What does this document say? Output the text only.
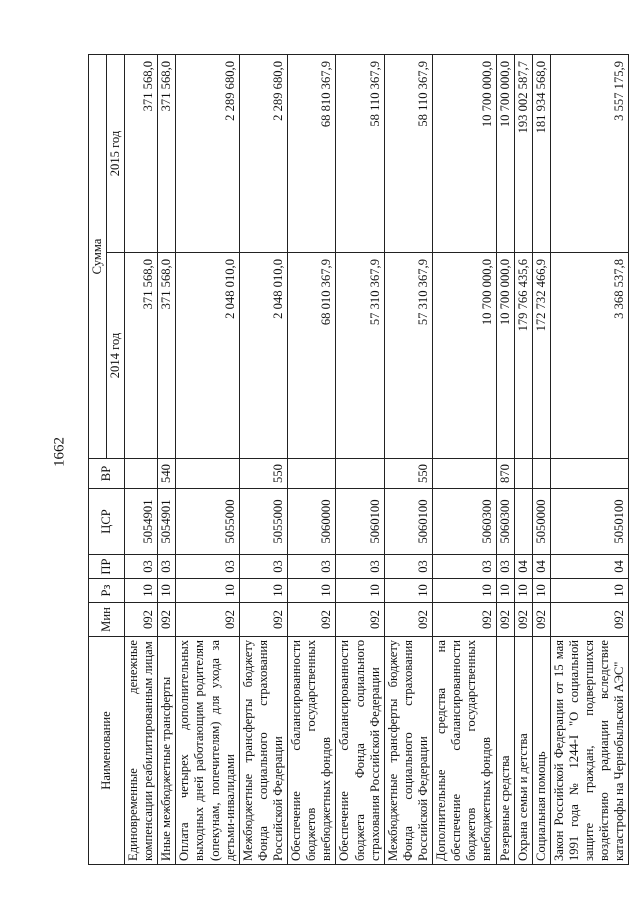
1662
Наименование	Мин	Рз	ПР	ЦСР	ВР	Сумма	
						2014 год	2015 год
Единовременные денежные компенсации реабилитированным лицам	092	10	03	5054901		371 568,0	371 568,0
Иные межбюджетные трансферты	092	10	03	5054901	540	371 568,0	371 568,0
Оплата четырех дополнительных выходных дней работающим родителям (опекунам, попечителям) для ухода за детьми-инвалидами	092	10	03	5055000		2 048 010,0	2 289 680,0
Межбюджетные трансферты бюджету Фонда социального страхования Российской Федерации	092	10	03	5055000	550	2 048 010,0	2 289 680,0
Обеспечение сбалансированности бюджетов государственных внебюджетных фондов	092	10	03	5060000		68 010 367,9	68 810 367,9
Обеспечение сбалансированности бюджета Фонда социального страхования Российской Федерации	092	10	03	5060100		57 310 367,9	58 110 367,9
Межбюджетные трансферты бюджету Фонда социального страхования Российской Федерации	092	10	03	5060100	550	57 310 367,9	58 110 367,9
Дополнительные средства на обеспечение сбалансированности бюджетов государственных внебюджетных фондов	092	10	03	5060300		10 700 000,0	10 700 000,0
Резервные средства	092	10	03	5060300	870	10 700 000,0	10 700 000,0
Охрана семьи и детства	092	10	04			179 766 435,6	193 002 587,7
Социальная помощь	092	10	04	5050000		172 732 466,9	181 934 568,0
Закон Российской Федерации от 15 мая 1991 года № 1244-I "О социальной защите граждан, подвергшихся воздействию радиации вследствие катастрофы на Чернобыльской АЭС"	092	10	04	5050100		3 368 537,8	3 557 175,9
